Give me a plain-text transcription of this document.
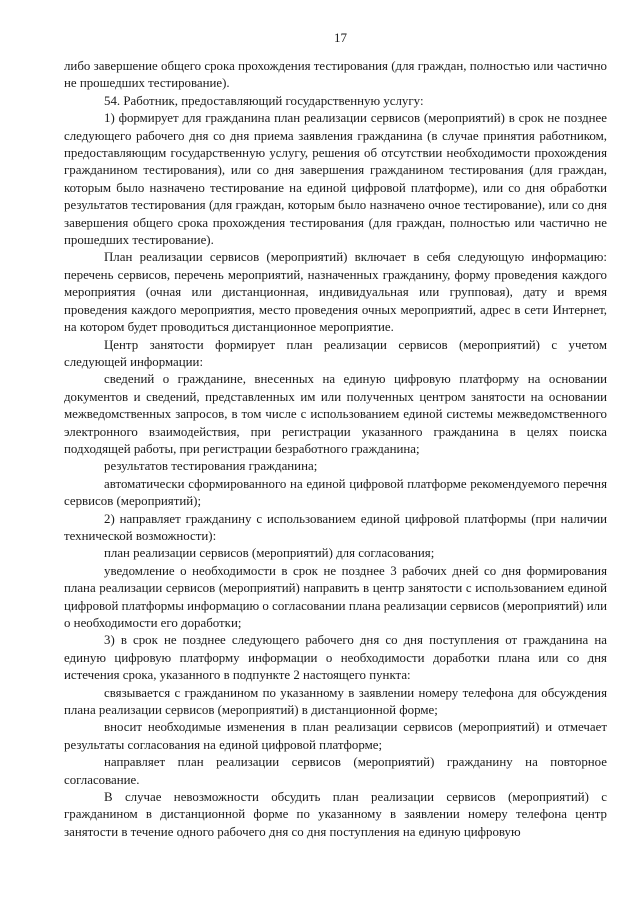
17

либо завершение общего срока прохождения тестирования (для граждан, полностью или частично не прошедших тестирование).

54. Работник, предоставляющий государственную услугу:

1) формирует для гражданина план реализации сервисов (мероприятий) в срок не позднее следующего рабочего дня со дня приема заявления гражданина (в случае принятия работником, предоставляющим государственную услугу, решения об отсутствии необходимости прохождения гражданином тестирования), или со дня завершения гражданином тестирования (для граждан, которым было назначено тестирование на единой цифровой платформе), или со дня обработки результатов тестирования (для граждан, которым было назначено очное тестирование), или со дня завершения общего срока прохождения тестирования (для граждан, полностью или частично не прошедших тестирование).

План реализации сервисов (мероприятий) включает в себя следующую информацию: перечень сервисов, перечень мероприятий, назначенных гражданину, форму проведения каждого мероприятия (очная или дистанционная, индивидуальная или групповая), дату и время проведения каждого мероприятия, место проведения очных мероприятий, адрес в сети Интернет, на котором будет проводиться дистанционное мероприятие.

Центр занятости формирует план реализации сервисов (мероприятий) с учетом следующей информации:

сведений о гражданине, внесенных на единую цифровую платформу на основании документов и сведений, представленных им или полученных центром занятости на основании межведомственных запросов, в том числе с использованием единой системы межведомственного электронного взаимодействия, при регистрации указанного гражданина в целях поиска подходящей работы, при регистрации безработного гражданина;

результатов тестирования гражданина;

автоматически сформированного на единой цифровой платформе рекомендуемого перечня сервисов (мероприятий);

2) направляет гражданину с использованием единой цифровой платформы (при наличии технической возможности):

план реализации сервисов (мероприятий) для согласования;

уведомление о необходимости в срок не позднее 3 рабочих дней со дня формирования плана реализации сервисов (мероприятий) направить в центр занятости с использованием единой цифровой платформы информацию о согласовании плана реализации сервисов (мероприятий) или о необходимости его доработки;

3) в срок не позднее следующего рабочего дня со дня поступления от гражданина на единую цифровую платформу информации о необходимости доработки плана или со дня истечения срока, указанного в подпункте 2 настоящего пункта:

связывается с гражданином по указанному в заявлении номеру телефона для обсуждения плана реализации сервисов (мероприятий) в дистанционной форме;

вносит необходимые изменения в план реализации сервисов (мероприятий) и отмечает результаты согласования на единой цифровой платформе;

направляет план реализации сервисов (мероприятий) гражданину на повторное согласование.

В случае невозможности обсудить план реализации сервисов (мероприятий) с гражданином в дистанционной форме по указанному в заявлении номеру телефона центр занятости в течение одного рабочего дня со дня поступления на единую цифровую
